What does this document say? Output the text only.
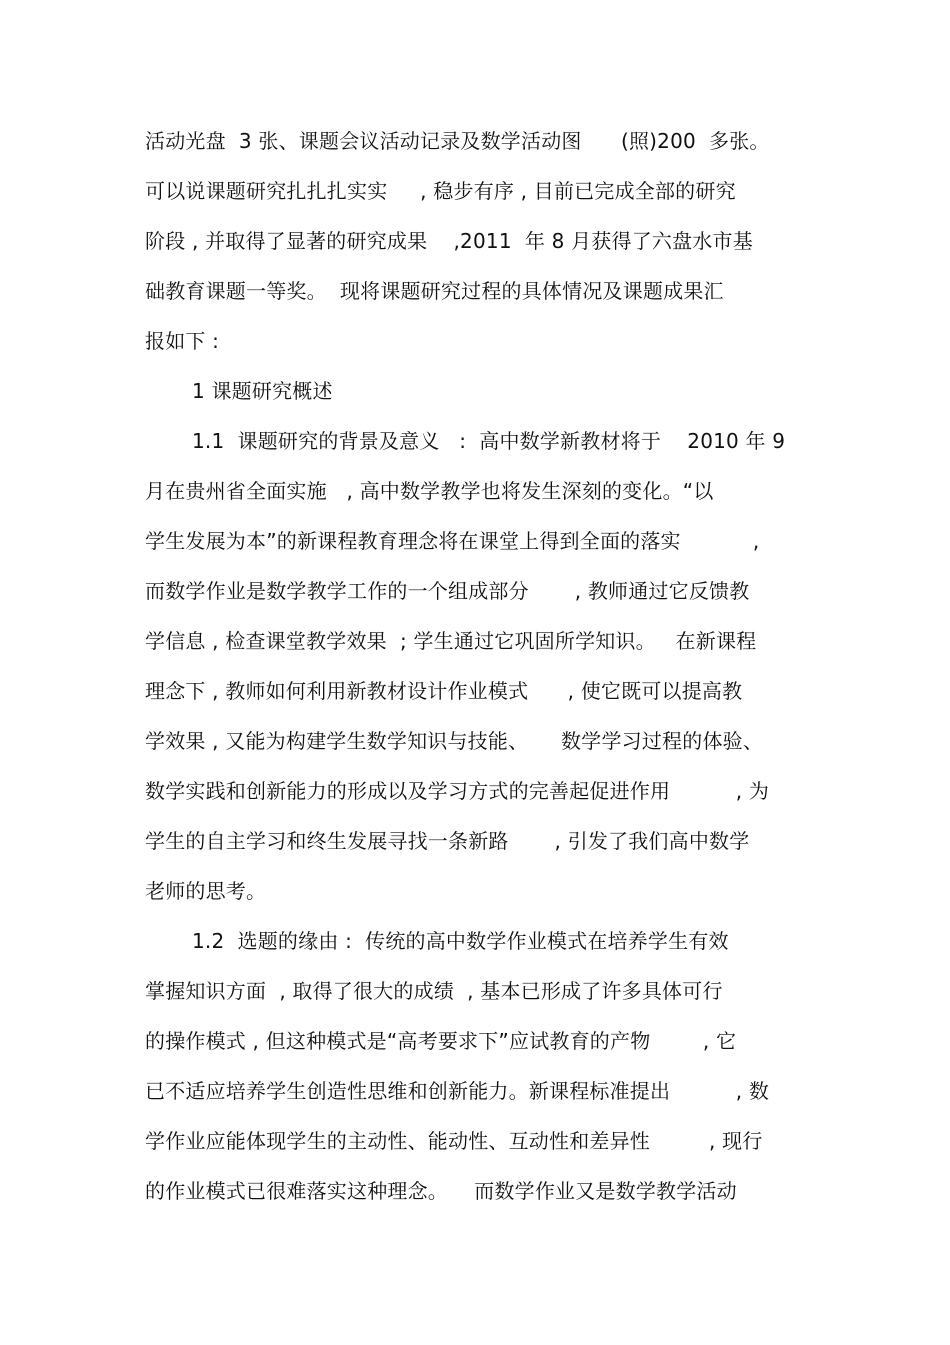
活动光盘  3 张、课题会议活动记录及数学活动图      (照)200  多张。
可以说课题研究扎扎扎实实     , 稳步有序 , 目前已完成全部的研究
阶段 , 并取得了显著的研究成果    ,2011  年 8 月获得了六盘水市基
础教育课题一等奖。  现将课题研究过程的具体情况及课题成果汇
报如下 :
1 课题研究概述
1.1  课题研究的背景及意义   :  高中数学新教材将于    2010 年 9
月在贵州省全面实施   , 高中数学教学也将发生深刻的变化。“以
学生发展为本”的新课程教育理念将在课堂上得到全面的落实           ,
而数学作业是数学教学工作的一个组成部分       , 教师通过它反馈教
学信息 , 检查课堂教学效果  ; 学生通过它巩固所学知识。   在新课程
理念下 , 教师如何利用新教材设计作业模式      , 使它既可以提高教
学效果 , 又能为构建学生数学知识与技能、     数学学习过程的体验、
数学实践和创新能力的形成以及学习方式的完善起促进作用          , 为
学生的自主学习和终生发展寻找一条新路       , 引发了我们高中数学
老师的思考。
1.2  选题的缘由 :  传统的高中数学作业模式在培养学生有效
掌握知识方面  , 取得了很大的成绩  , 基本已形成了许多具体可行
的操作模式 , 但这种模式是“高考要求下”应试教育的产物        , 它
已不适应培养学生创造性思维和创新能力。新课程标准提出          , 数
学作业应能体现学生的主动性、能动性、互动性和差异性         , 现行
的作业模式已很难落实这种理念。    而数学作业又是数学教学活动
